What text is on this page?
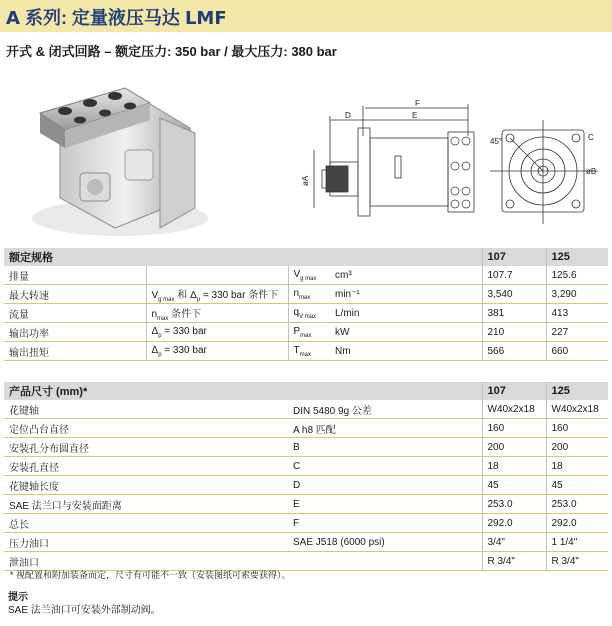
A 系列: 定量液压马达 LMF
开式 & 闭式回路 – 额定压力: 350 bar / 最大压力: 380 bar
D	E
F
øA
45°	C
øB
额定规格				107	125
排量		$V_{g max}$	cm³	107.7	125.6
最大转速	$V_{g max}$ 和 $\Delta_p = 330$ bar 条件下	$n_{max}$	min⁻¹	3,540	3,290
流量	$n_{max}$ 条件下	$q_{V max}$	L/min	381	413
输出功率	$\Delta_p = 330$ bar	$P_{max}$	kW	210	227
输出扭矩	$\Delta_p = 330$ bar	$T_{max}$	Nm	566	660
产品尺寸 (mm)*		107	125
花键轴	DIN 5480 9g 公差	W40x2x18	W40x2x18
定位凸台直径	A h8 匹配	160	160
安装孔分布圆直径	B	200	200
安装孔直径	C	18	18
花键轴长度	D	45	45
SAE 法兰口与安装面距离	E	253.0	253.0
总长	F	292.0	292.0
压力油口	SAE J518 (6000 psi)	3/4"	1 1/4"
泄油口		R 3/4"	R 3/4"
* 视配置和附加装备而定，尺寸有可能不一致（安装图纸可索要获得）。
提示
SAE 法兰油口可安装外部制动阀。
